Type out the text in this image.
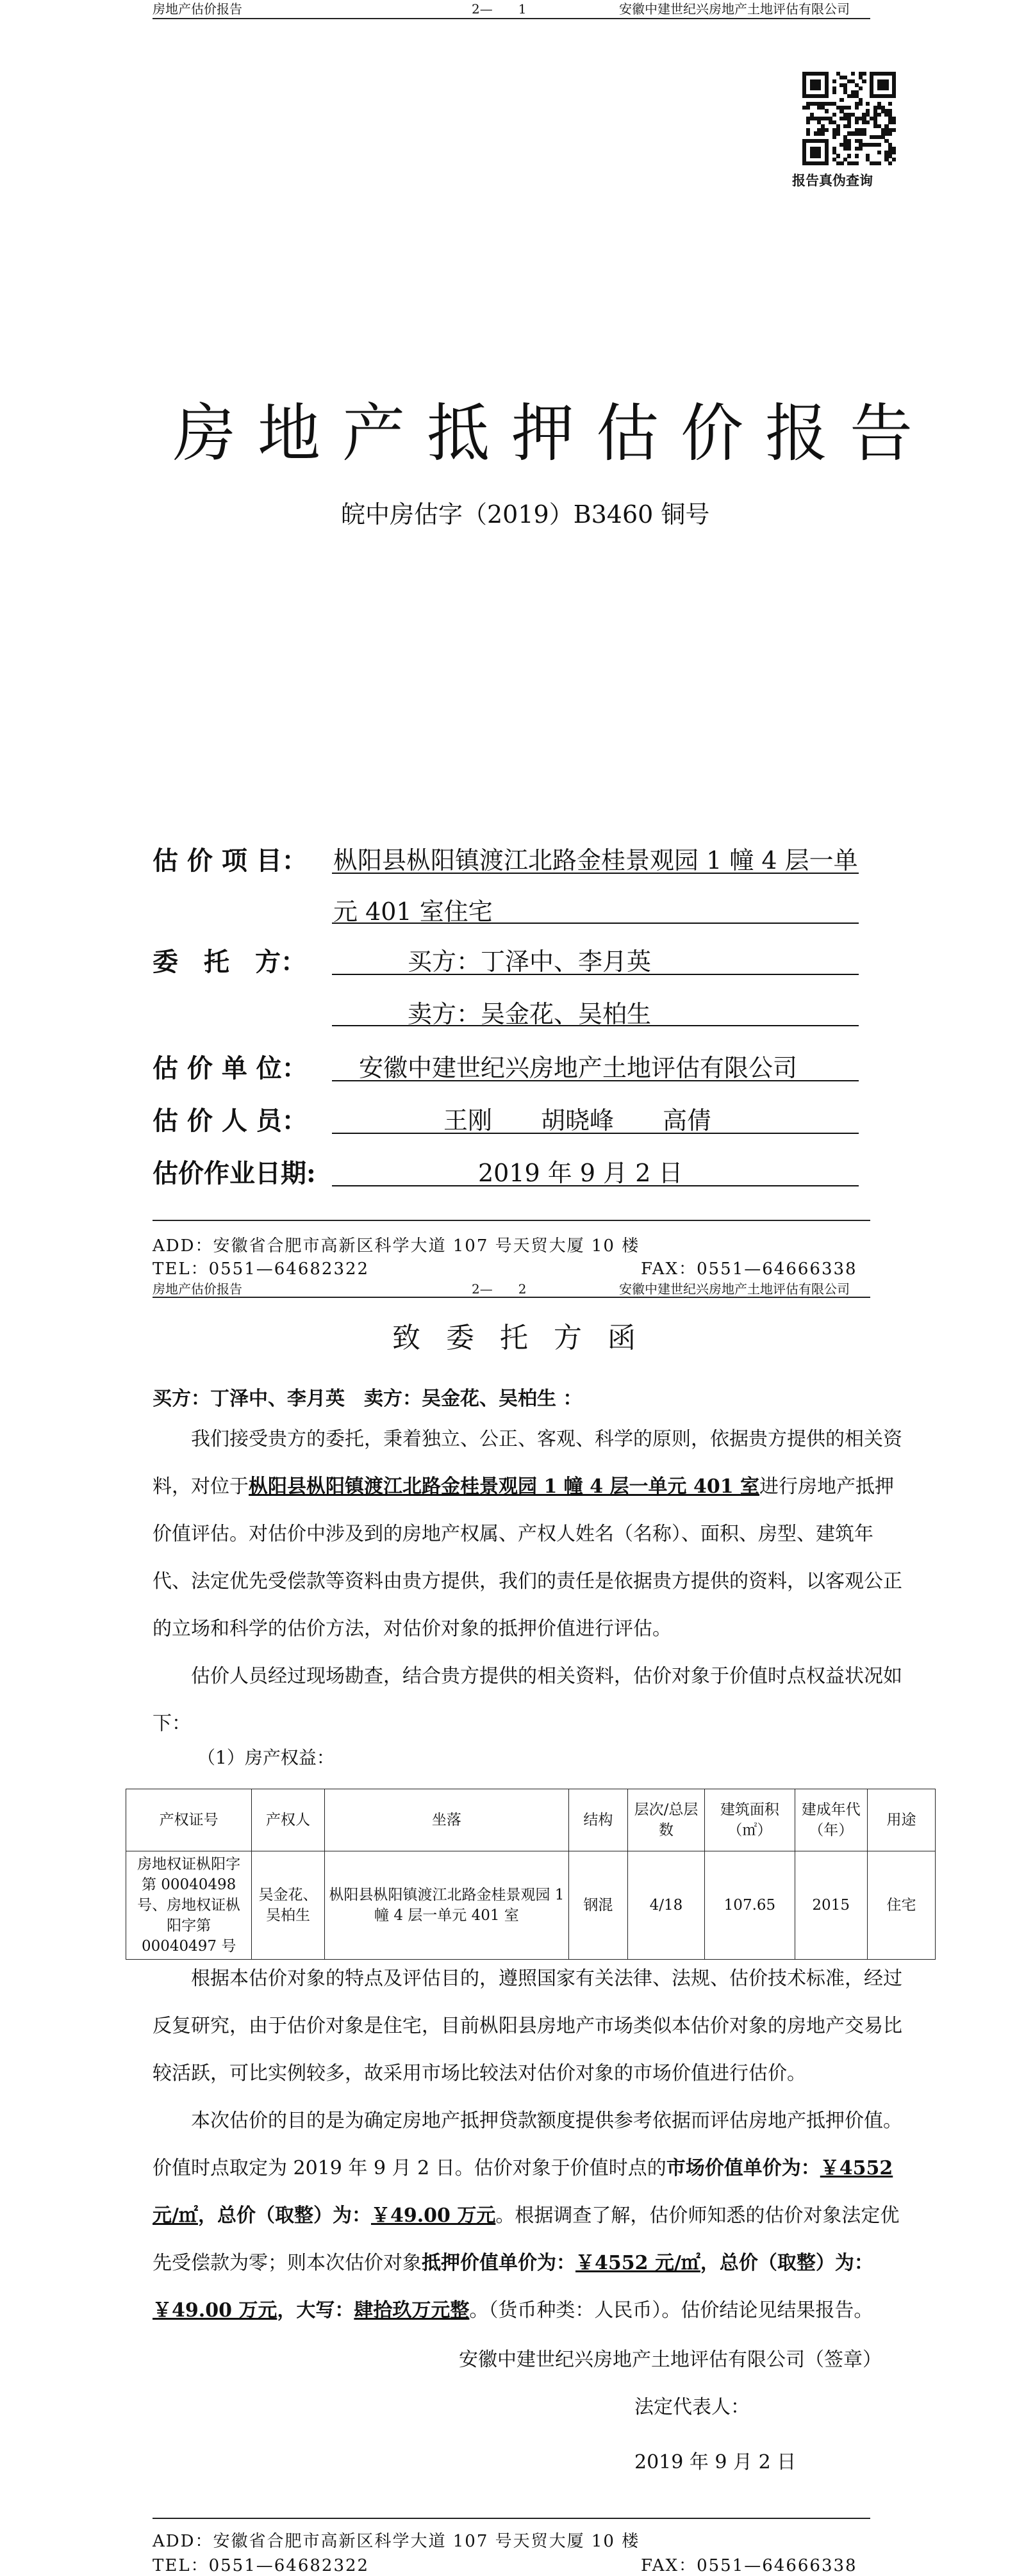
房地产估价报告	2—　　1	安徽中建世纪兴房地产土地评估有限公司
报告真伪查询
房地产抵押估价报告
皖中房估字（2019）B3460 铜号
估 价 项 目： 枞阳县枞阳镇渡江北路金桂景观园 1 幢 4 层一单
元 401 室住宅
委　托　方：	买方：丁泽中、李月英
卖方：吴金花、吴柏生
估 价 单 位： 安徽中建世纪兴房地产土地评估有限公司
估 价 人 员：	王刚　　胡晓峰　　高倩
估价作业日期:	2019 年 9 月 2 日
ADD：安徽省合肥市高新区科学大道 107 号天贸大厦 10 楼
TEL：0551—64682322	FAX：0551—64666338
房地产估价报告	2—　　2	安徽中建世纪兴房地产土地评估有限公司
致委托方函
买方：丁泽中、李月英　卖方：吴金花、吴柏生 ：

我们接受贵方的委托，秉着独立、公正、客观、科学的原则，依据贵方提供的相关资料，对位于枞阳县枞阳镇渡江北路金桂景观园 1 幢 4 层一单元 401 室进行房地产抵押价值评估。对估价中涉及到的房地产权属、产权人姓名（名称）、面积、房型、建筑年代、法定优先受偿款等资料由贵方提供，我们的责任是依据贵方提供的资料，以客观公正的立场和科学的估价方法，对估价对象的抵押价值进行评估。

估价人员经过现场勘查，结合贵方提供的相关资料，估价对象于价值时点权益状况如下：

（1）房产权益：
产权证号	产权人	坐落	结构	层次/总层数	建筑面积（㎡）	建成年代（年）	用途
房地权证枞阳字第 00040498 号、房地权证枞阳字第 00040497 号	吴金花、吴柏生	枞阳县枞阳镇渡江北路金桂景观园 1 幢 4 层一单元 401 室	钢混	4/18	107.65	2015	住宅

根据本估价对象的特点及评估目的，遵照国家有关法律、法规、估价技术标准，经过反复研究，由于估价对象是住宅，目前枞阳县房地产市场类似本估价对象的房地产交易比较活跃，可比实例较多，故采用市场比较法对估价对象的市场价值进行估价。

本次估价的目的是为确定房地产抵押贷款额度提供参考依据而评估房地产抵押价值。价值时点取定为 2019 年 9 月 2 日。估价对象于价值时点的市场价值单价为：￥4552 元/㎡，总价（取整）为：￥49.00 万元。根据调查了解，估价师知悉的估价对象法定优先受偿款为零；则本次估价对象抵押价值单价为：￥4552 元/㎡，总价（取整）为：￥49.00 万元，大写：肆拾玖万元整。（货币种类：人民币）。估价结论见结果报告。

安徽中建世纪兴房地产土地评估有限公司（签章）
法定代表人：
2019 年 9 月 2 日
ADD：安徽省合肥市高新区科学大道 107 号天贸大厦 10 楼
TEL：0551—64682322	FAX：0551—64666338
